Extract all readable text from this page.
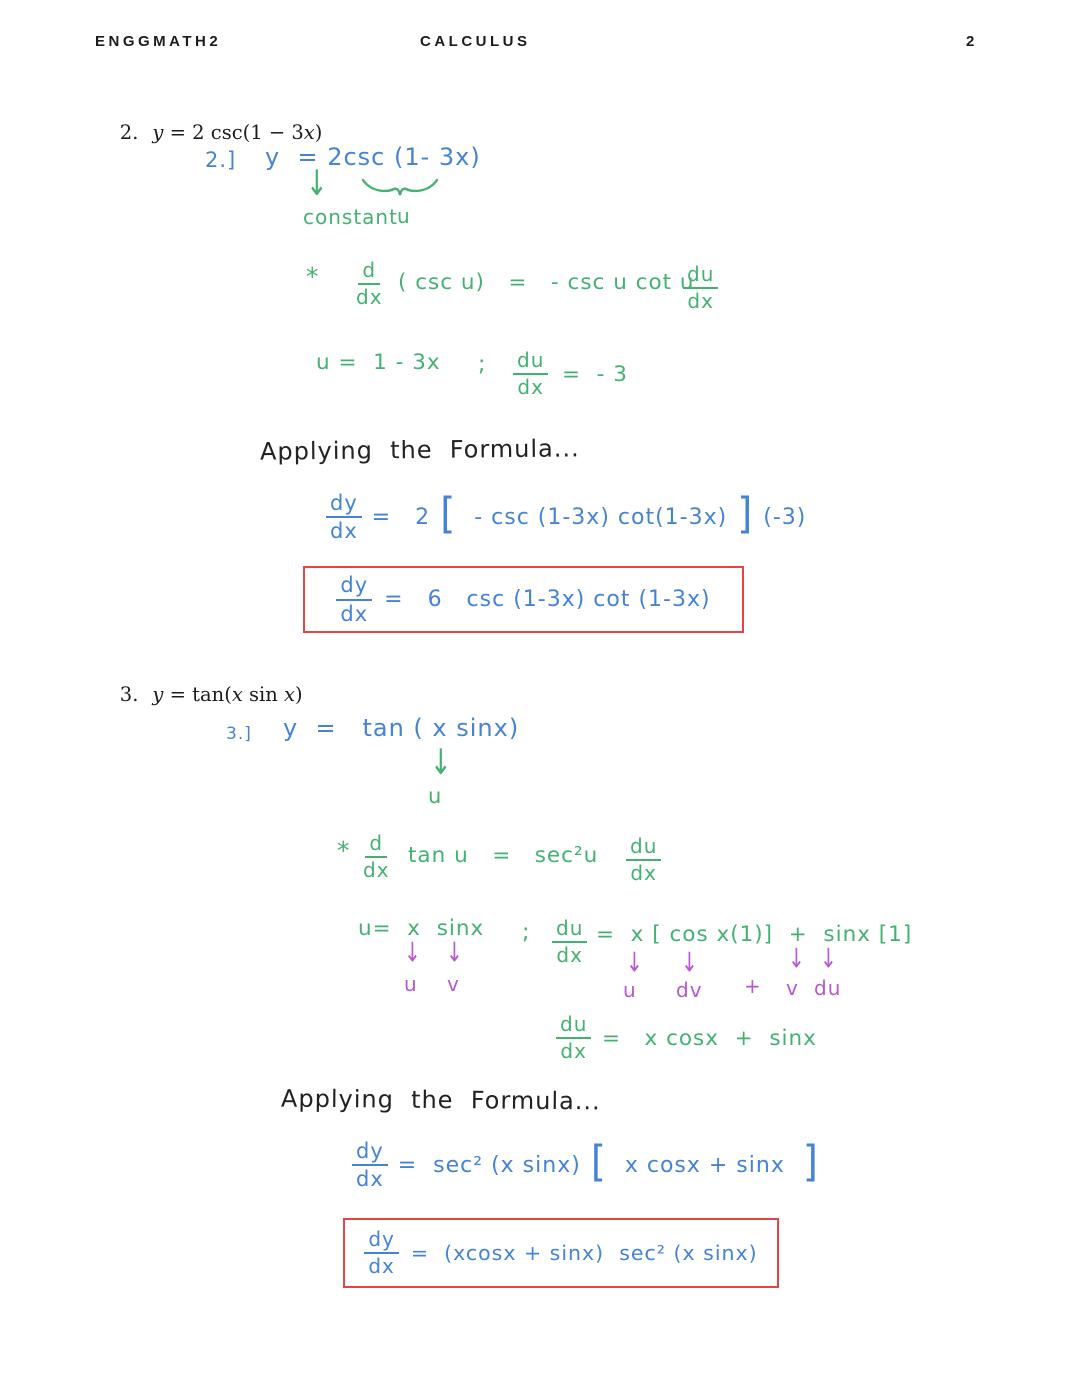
ENGGMATH2	CALCULUS	2

2. y = 2 csc(1 − 3x)

2.] y  = 2csc (1- 3x)
↓
constant u
* $\frac{d}{dx}$ ( csc u)   =   - csc u cot u
$\frac{du}{dx}$
u =  1 - 3x ; $\frac{du}{dx}$ =  - 3
Applying  the  Formula...
$\frac{dy}{dx} = 2$ [ - csc (1-3x) cot(1-3x) ] (-3)
$\frac{dy}{dx} = 6$   csc (1-3x) cot (1-3x)

3. y = tan(x sin x)

3.] y  =   tan ( x sinx)
↓
u
* $\frac{d}{dx}$ $\tan u = \sec^2u \frac{du}{dx}$
u=  x  sinx
↓ ↓
u v
; $\frac{du}{dx} = x$ [ cos x(1)]  +  sinx [1]
↓ ↓	↓ ↓
u dv + v du
$\frac{du}{dx} = x$ cosx  +  sinx
Applying  the  Formula...
$\frac{dy}{dx} = \sec^2$ (x sinx) [ x cosx + sinx ]
$\frac{dy}{dx} = (xcosx + \sin x)$  sec² (x sinx)
